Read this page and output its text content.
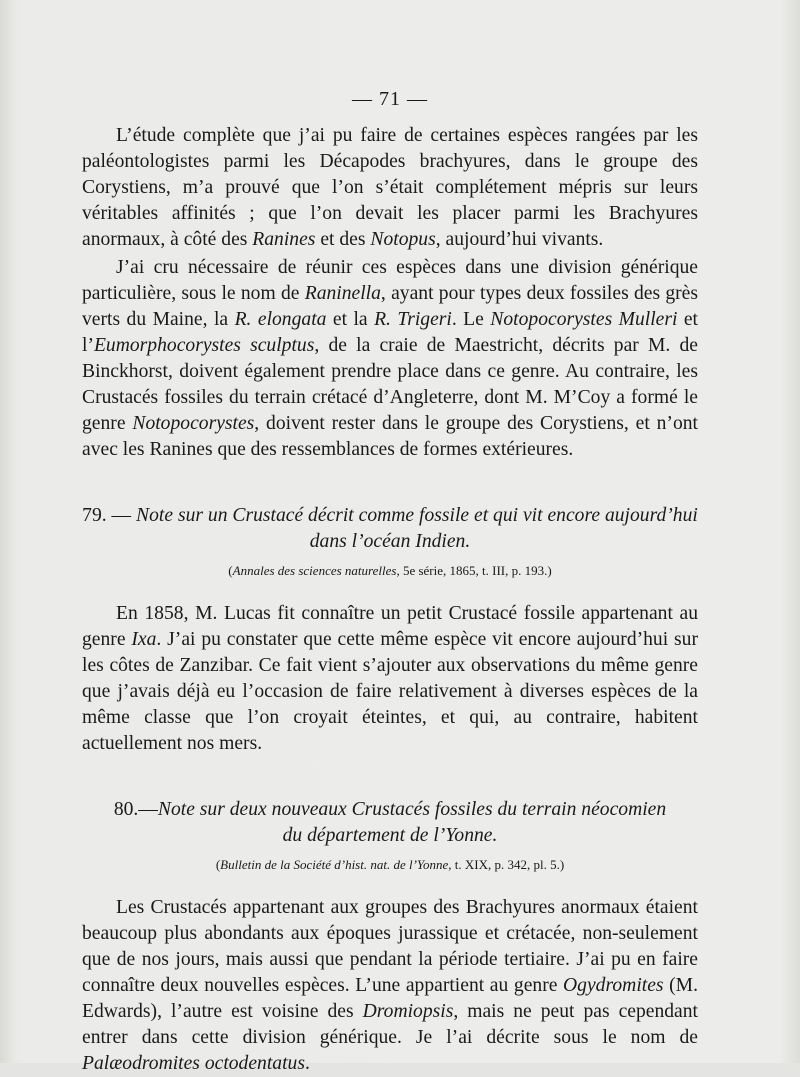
— 71 —

L’étude complète que j’ai pu faire de certaines espèces rangées par les paléontologistes parmi les Décapodes brachyures, dans le groupe des Corystiens, m’a prouvé que l’on s’était complétement mépris sur leurs véritables affinités ; que l’on devait les placer parmi les Brachyures anormaux, à côté des Ranines et des Notopus, aujourd’hui vivants.

J’ai cru nécessaire de réunir ces espèces dans une division générique particulière, sous le nom de Raninella, ayant pour types deux fossiles des grès verts du Maine, la R. elongata et la R. Trigeri. Le Notopocorystes Mulleri et l’Eumorphocorystes sculptus, de la craie de Maestricht, décrits par M. de Binckhorst, doivent également prendre place dans ce genre. Au contraire, les Crustacés fossiles du terrain crétacé d’Angleterre, dont M. M’Coy a formé le genre Notopocorystes, doivent rester dans le groupe des Corystiens, et n’ont avec les Ranines que des ressemblances de formes extérieures.

79. — Note sur un Crustacé décrit comme fossile et qui vit encore aujourd’hui
dans l’océan Indien.
(Annales des sciences naturelles, 5e série, 1865, t. III, p. 193.)

En 1858, M. Lucas fit connaître un petit Crustacé fossile appartenant au genre Ixa. J’ai pu constater que cette même espèce vit encore aujourd’hui sur les côtes de Zanzibar. Ce fait vient s’ajouter aux observations du même genre que j’avais déjà eu l’occasion de faire relativement à diverses espèces de la même classe que l’on croyait éteintes, et qui, au contraire, habitent actuellement nos mers.

80.—Note sur deux nouveaux Crustacés fossiles du terrain néocomien
du département de l’Yonne.
(Bulletin de la Société d’hist. nat. de l’Yonne, t. XIX, p. 342, pl. 5.)

Les Crustacés appartenant aux groupes des Brachyures anormaux étaient beaucoup plus abondants aux époques jurassique et crétacée, non-seulement que de nos jours, mais aussi que pendant la période tertiaire. J’ai pu en faire connaître deux nouvelles espèces. L’une appartient au genre Ogydromites (M. Edwards), l’autre est voisine des Dromiopsis, mais ne peut pas cependant entrer dans cette division générique. Je l’ai décrite sous le nom de Palæodromites octodentatus.
